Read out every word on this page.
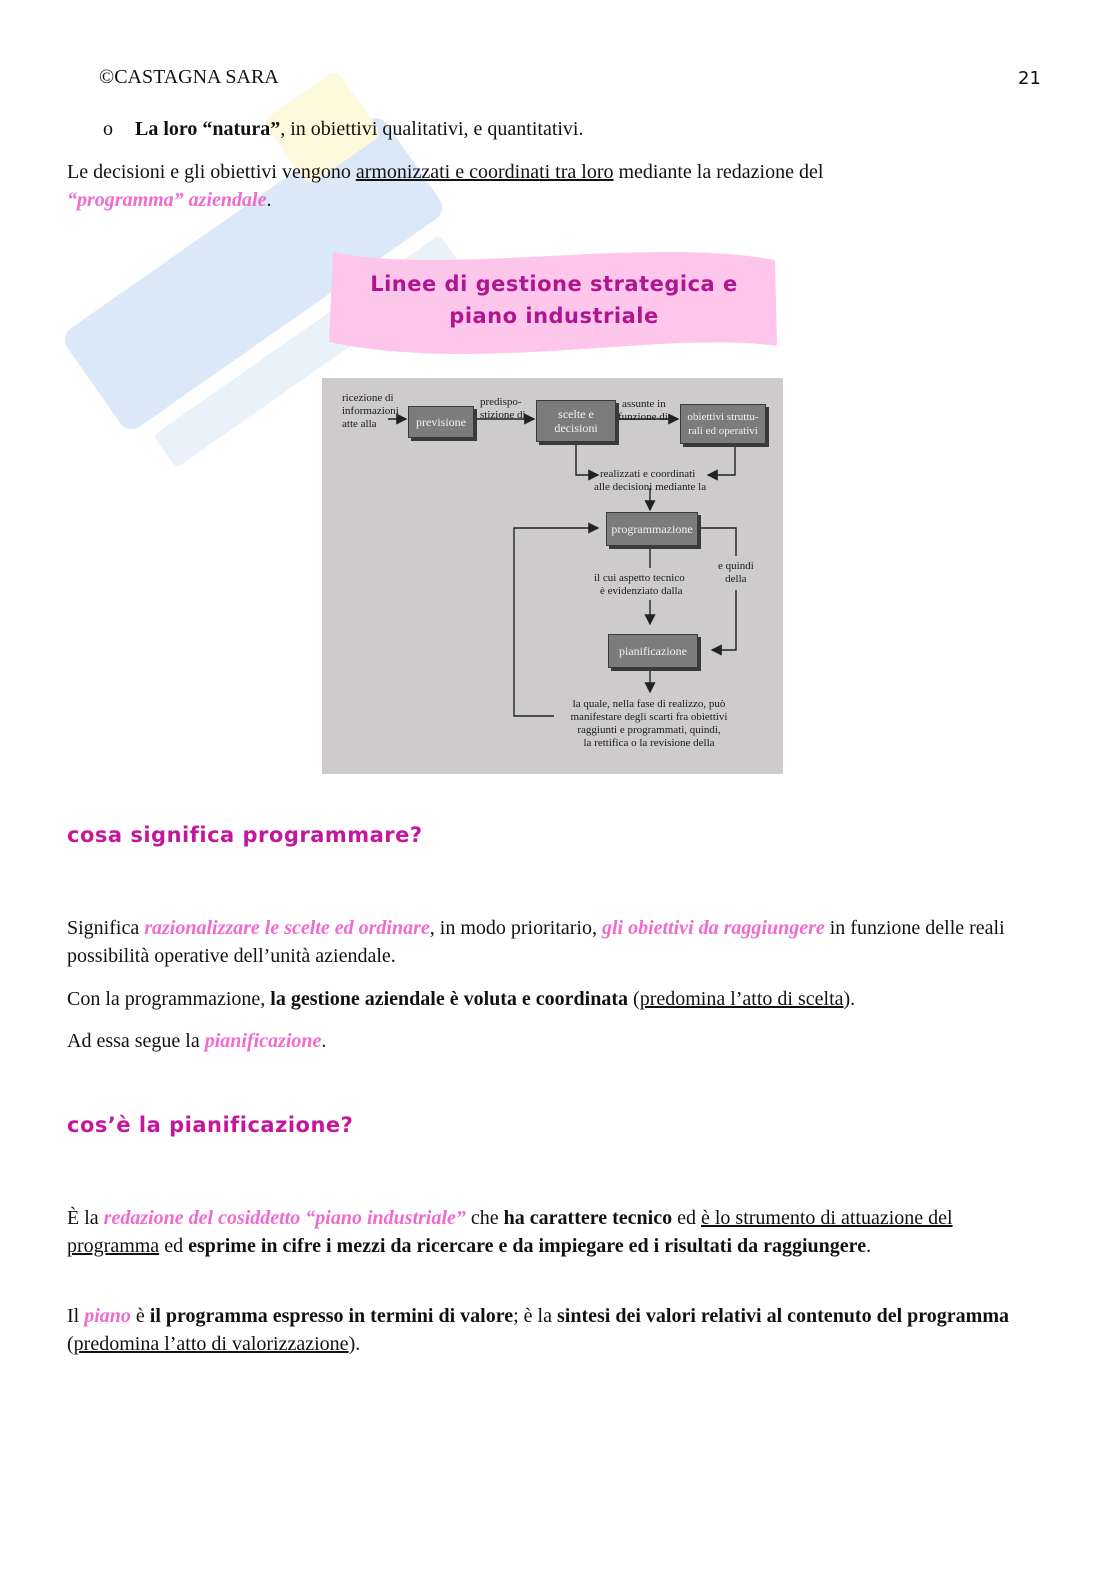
©CASTAGNA SARA	21
o La loro “natura”, in obiettivi qualitativi, e quantitativi.
Le decisioni e gli obiettivi vengono armonizzati e coordinati tra loro mediante la redazione del
“programma” aziendale.
Linee di gestione strategica e
piano industriale
ricezione di
informazioni
atte alla	previsione
predispo-
stizione di	scelte e
decisioni
assunte in
funzione di obiettivi struttu-
rali ed operativi
realizzati e coordinati
alle decisioni mediante la
programmazione
il cui aspetto tecnico
è evidenziato dalla
e quindi
della
pianificazione
la quale, nella fase di realizzo, può
manifestare degli scarti fra obiettivi
raggiunti e programmati, quindi,
la rettifica o la revisione della
cosa significa programmare?
Significa razionalizzare le scelte ed ordinare, in modo prioritario, gli obiettivi da raggiungere in funzione delle reali possibilità operative dell’unità aziendale.
Con la programmazione, la gestione aziendale è voluta e coordinata (predomina l’atto di scelta).
Ad essa segue la pianificazione.
cos’è la pianificazione?
È la redazione del cosiddetto “piano industriale” che ha carattere tecnico ed è lo strumento di attuazione del programma ed esprime in cifre i mezzi da ricercare e da impiegare ed i risultati da raggiungere.
Il piano è il programma espresso in termini di valore; è la sintesi dei valori relativi al contenuto del programma (predomina l’atto di valorizzazione).
